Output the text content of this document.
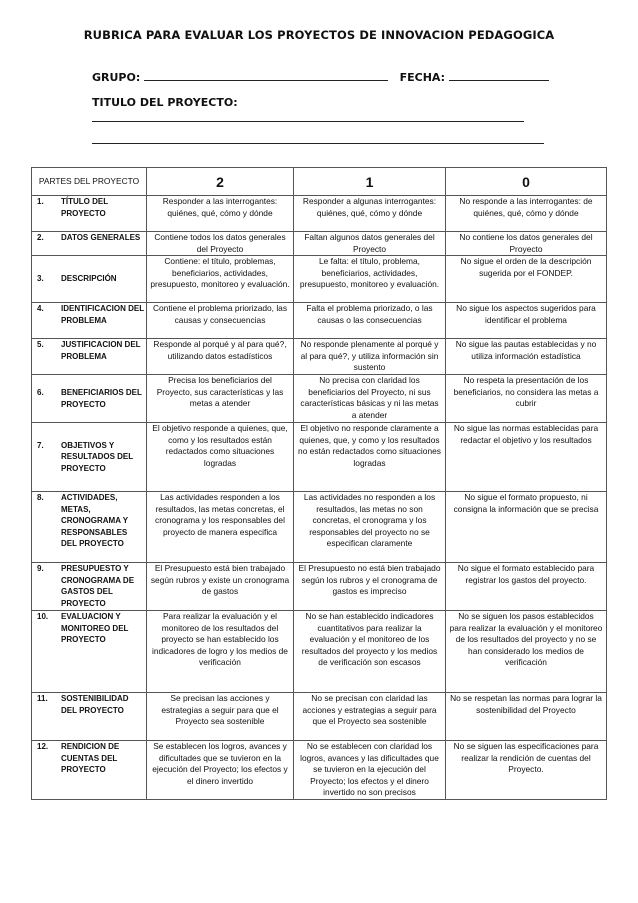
RUBRICA PARA EVALUAR LOS PROYECTOS DE INNOVACION PEDAGOGICA
GRUPO:	FECHA:
TITULO DEL PROYECTO:
PARTES DEL PROYECTO	2	1	0

1. TÍTULO DEL PROYECTO	Responder a las interrogantes: quiénes, qué, cómo y dónde	Responder a algunas interrogantes: quiénes, qué, cómo y dónde	No responde a las interrogantes: de quiénes, qué, cómo y dónde

2. DATOS GENERALES	Contiene todos los datos generales del Proyecto	Faltan algunos datos generales del Proyecto	No contiene los datos generales del Proyecto

3. DESCRIPCIÓN	Contiene: el título, problemas, beneficiarios, actividades, presupuesto, monitoreo y evaluación.	Le falta: el título, problema, beneficiarios, actividades, presupuesto, monitoreo y evaluación.	No sigue el orden de la descripción sugerida por el FONDEP.

4. IDENTIFICACION DEL PROBLEMA	Contiene el problema priorizado, las causas y consecuencias	Falta el problema priorizado, o las causas o las consecuencias	No sigue los aspectos sugeridos para identificar el problema

5. JUSTIFICACION DEL PROBLEMA	Responde al porqué y al para qué?, utilizando datos estadísticos	No responde plenamente al porqué y al para qué?, y utiliza información sin sustento	No sigue las pautas establecidas y no utiliza información estadística

6. BENEFICIARIOS DEL PROYECTO	Precisa los beneficiarios del Proyecto, sus características y las metas a atender	No precisa con claridad los beneficiarios del Proyecto, ni sus características básicas y ni las metas a atender	No respeta la presentación de los beneficiarios, no considera las metas a cubrir

7. OBJETIVOS Y RESULTADOS DEL PROYECTO	El objetivo responde a quienes, que, como y los resultados están redactados como situaciones logradas	El objetivo no responde claramente a quienes, que, y como y los resultados no están redactados como situaciones logradas	No sigue las normas establecidas para redactar el objetivo y los resultados

8. ACTIVIDADES, METAS, CRONOGRAMA Y RESPONSABLES DEL PROYECTO	Las actividades responden a los resultados, las metas concretas, el cronograma y los responsables del proyecto de manera especifica	Las actividades no responden a los resultados, las metas no son concretas, el cronograma y los responsables del proyecto no se especifican claramente	No sigue el formato propuesto, ni consigna la información que se precisa

9. PRESUPUESTO Y CRONOGRAMA DE GASTOS DEL PROYECTO	El Presupuesto está bien trabajado según rubros y existe un cronograma de gastos	El Presupuesto no está bien trabajado según los rubros y el cronograma de gastos es impreciso	No sigue el formato establecido para registrar los gastos del proyecto.

10. EVALUACION Y MONITOREO DEL PROYECTO	Para realizar la evaluación y el monitoreo de los resultados del proyecto se han establecido los indicadores de logro y los medios de verificación	No se han establecido indicadores cuantitativos para realizar la evaluación y el monitoreo de los resultados del proyecto y los medios de verificación son escasos	No se siguen los pasos establecidos para realizar la evaluación y el monitoreo de los resultados del proyecto y no se han considerado los medios de verificación

11. SOSTENIBILIDAD DEL PROYECTO	Se precisan las acciones y estrategias a seguir para que el Proyecto sea sostenible	No se precisan con claridad las acciones y estrategias a seguir para que el Proyecto sea sostenible	No se respetan las normas para lograr la sostenibilidad del Proyecto

12. RENDICION DE CUENTAS DEL PROYECTO	Se establecen los logros, avances y dificultades que se tuvieron en la ejecución del Proyecto; los efectos y el dinero invertido	No se establecen con claridad los logros, avances y las dificultades que se tuvieron en la ejecución del Proyecto; los efectos y el dinero invertido no son precisos	No se siguen las especificaciones para realizar la rendición de cuentas del Proyecto.
